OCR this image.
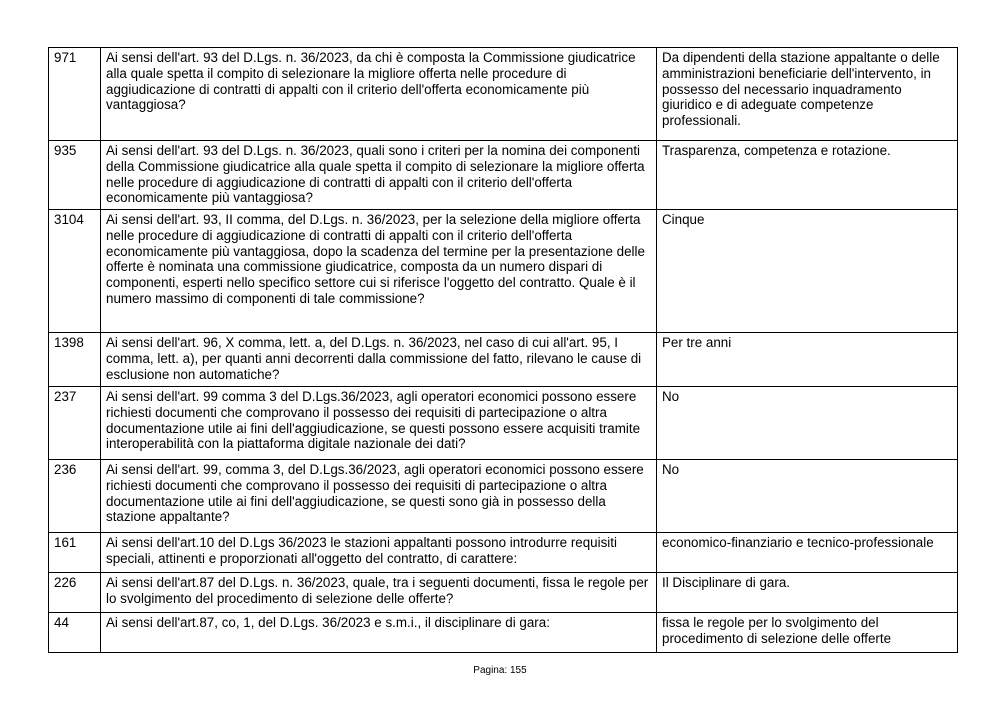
971	Ai sensi dell'art. 93 del D.Lgs. n. 36/2023, da chi è composta la Commissione giudicatrice alla quale spetta il compito di selezionare la migliore offerta nelle procedure di aggiudicazione di contratti di appalti con il criterio dell'offerta economicamente più vantaggiosa?	Da dipendenti della stazione appaltante o delle amministrazioni beneficiarie dell'intervento, in possesso del necessario inquadramento giuridico e di adeguate competenze professionali.
935	Ai sensi dell'art. 93 del D.Lgs. n. 36/2023, quali sono i criteri per la nomina dei componenti della Commissione giudicatrice alla quale spetta il compito di selezionare la migliore offerta nelle procedure di aggiudicazione di contratti di appalti con il criterio dell'offerta economicamente più vantaggiosa?	Trasparenza, competenza e rotazione.
3104	Ai sensi dell'art. 93, II comma, del D.Lgs. n. 36/2023, per la selezione della migliore offerta nelle procedure di aggiudicazione di contratti di appalti con il criterio dell'offerta economicamente più vantaggiosa, dopo la scadenza del termine per la presentazione delle offerte è nominata una commissione giudicatrice, composta da un numero dispari di componenti, esperti nello specifico settore cui si riferisce l'oggetto del contratto. Quale è il numero massimo di componenti di tale commissione?	Cinque
1398	Ai sensi dell'art. 96, X comma, lett. a, del D.Lgs. n. 36/2023, nel caso di cui all'art. 95, I comma, lett. a), per quanti anni decorrenti dalla commissione del fatto, rilevano le cause di esclusione non automatiche?	Per tre anni
237	Ai sensi dell'art. 99 comma 3 del D.Lgs.36/2023, agli operatori economici possono essere richiesti documenti che comprovano il possesso dei requisiti di partecipazione o altra documentazione utile ai fini dell'aggiudicazione, se questi possono essere acquisiti tramite interoperabilità con la piattaforma digitale nazionale dei dati?	No
236	Ai sensi dell'art. 99, comma 3, del D.Lgs.36/2023, agli operatori economici possono essere richiesti documenti che comprovano il possesso dei requisiti di partecipazione o altra documentazione utile ai fini dell'aggiudicazione, se questi sono già in possesso della stazione appaltante?	No
161	Ai sensi dell'art.10 del D.Lgs 36/2023 le stazioni appaltanti possono introdurre requisiti speciali, attinenti e proporzionati all'oggetto del contratto, di carattere:	economico-finanziario e tecnico-professionale
226	Ai sensi dell'art.87 del D.Lgs. n. 36/2023, quale, tra i seguenti documenti, fissa le regole per lo svolgimento del procedimento di selezione delle offerte?	Il Disciplinare di gara.
44	Ai sensi dell'art.87, co, 1, del D.Lgs. 36/2023 e s.m.i., il disciplinare di gara:	fissa le regole per lo svolgimento del procedimento di selezione delle offerte
Pagina: 155
